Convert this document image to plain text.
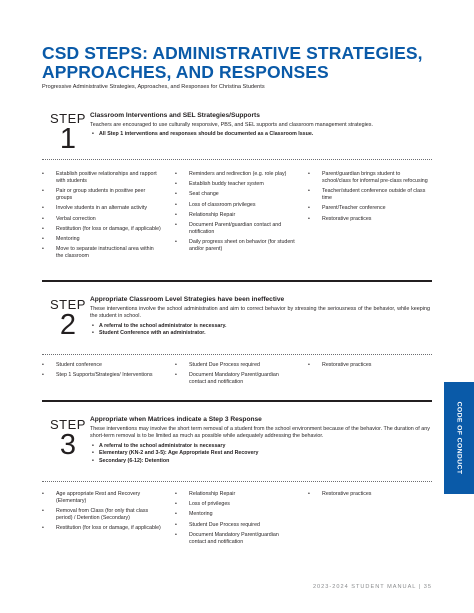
CSD STEPS: ADMINISTRATIVE STRATEGIES,
APPROACHES, AND RESPONSES
Progressive Administrative Strategies, Approaches, and Responses for Christina Students
STEP
1

Classroom Interventions and SEL Strategies/Supports

Teachers are encouraged to use culturally responsive, PBS, and SEL supports and classroom management strategies.

• All Step 1 interventions and responses should be documented as a Classroom Issue.
• Establish positive relationships and rapport with students
• Pair or group students in positive peer groups
• Involve students in an alternate activity
• Verbal correction
• Restitution (for loss or damage, if applicable)
• Mentoring
• Move to separate instructional area within the classroom
• Reminders and redirection (e.g. role play)
• Establish buddy teacher system
• Seat change
• Loss of classroom privileges
• Relationship Repair
• Document Parent/guardian contact and notification
• Daily progress sheet on behavior (for student and/or parent)
• Parent/guardian brings student to school/class for informal pre-class refocusing
• Teacher/student conference outside of class time
• Parent/Teacher conference
• Restorative practices
STEP
2

Appropriate Classroom Level Strategies have been ineffective

These interventions involve the school administration and aim to correct behavior by stressing the seriousness of the behavior, while keeping the student in school.

• A referral to the school administrator is necessary.
• Student Conference with an administrator.
• Student conference
• Step 1 Supports/Strategies/ Interventions
• Student Due Process required
• Document Mandatory Parent/guardian contact and notification
• Restorative practices
STEP
3

Appropriate when Matrices indicate a Step 3 Response

These interventions may involve the short term removal of a student from the school environment because of the behavior. The duration of any short-term removal is to be limited as much as possible while adequately addressing the behavior.

• A referral to the school administrator is necessary
• Elementary (KN-2 and 3-5): Age Appropriate Rest and Recovery
• Secondary (6-12): Detention
• Age appropriate Rest and Recovery (Elementary)
• Removal from Class (for only that class period) / Detention (Secondary)
• Restitution (for loss or damage, if applicable)
• Relationship Repair
• Loss of privileges
• Mentoring
• Student Due Process required
• Document Mandatory Parent/guardian contact and notification
• Restorative practices
CODE OF CONDUCT
2023-2024 STUDENT MANUAL | 35
